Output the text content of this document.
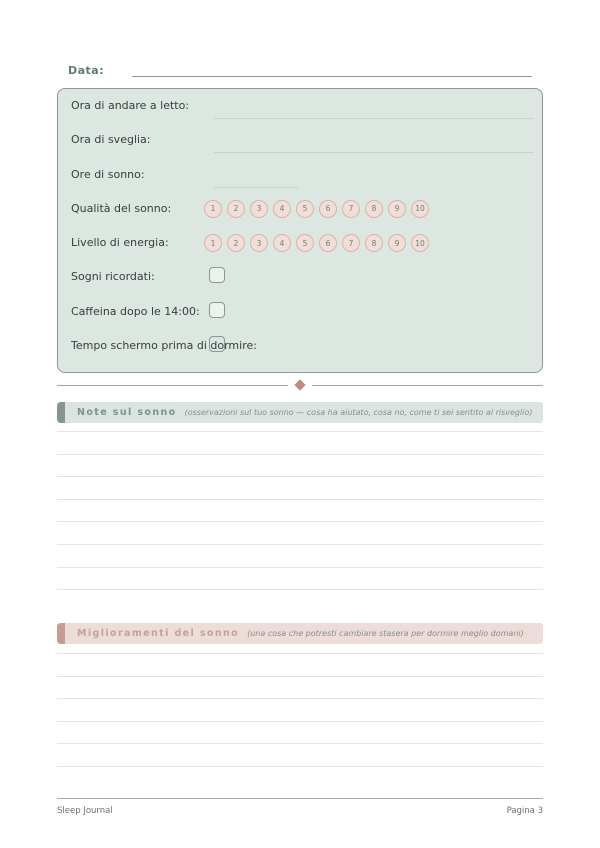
Data:
Ora di andare a letto:
Ora di sveglia:
Ore di sonno:
Qualità del sonno:	1	2	3	4	5	6	7	8	9	10
Livello di energia:	1	2	3	4	5	6	7	8	9	10
Sogni ricordati:
Caffeina dopo le 14:00:
Tempo schermo prima di dormire:
Note sul sonno (osservazioni sul tuo sonno — cosa ha aiutato, cosa no, come ti sei sentito al risveglio)
Miglioramenti del sonno (una cosa che potresti cambiare stasera per dormire meglio domani)
Sleep Journal	Pagina 3
